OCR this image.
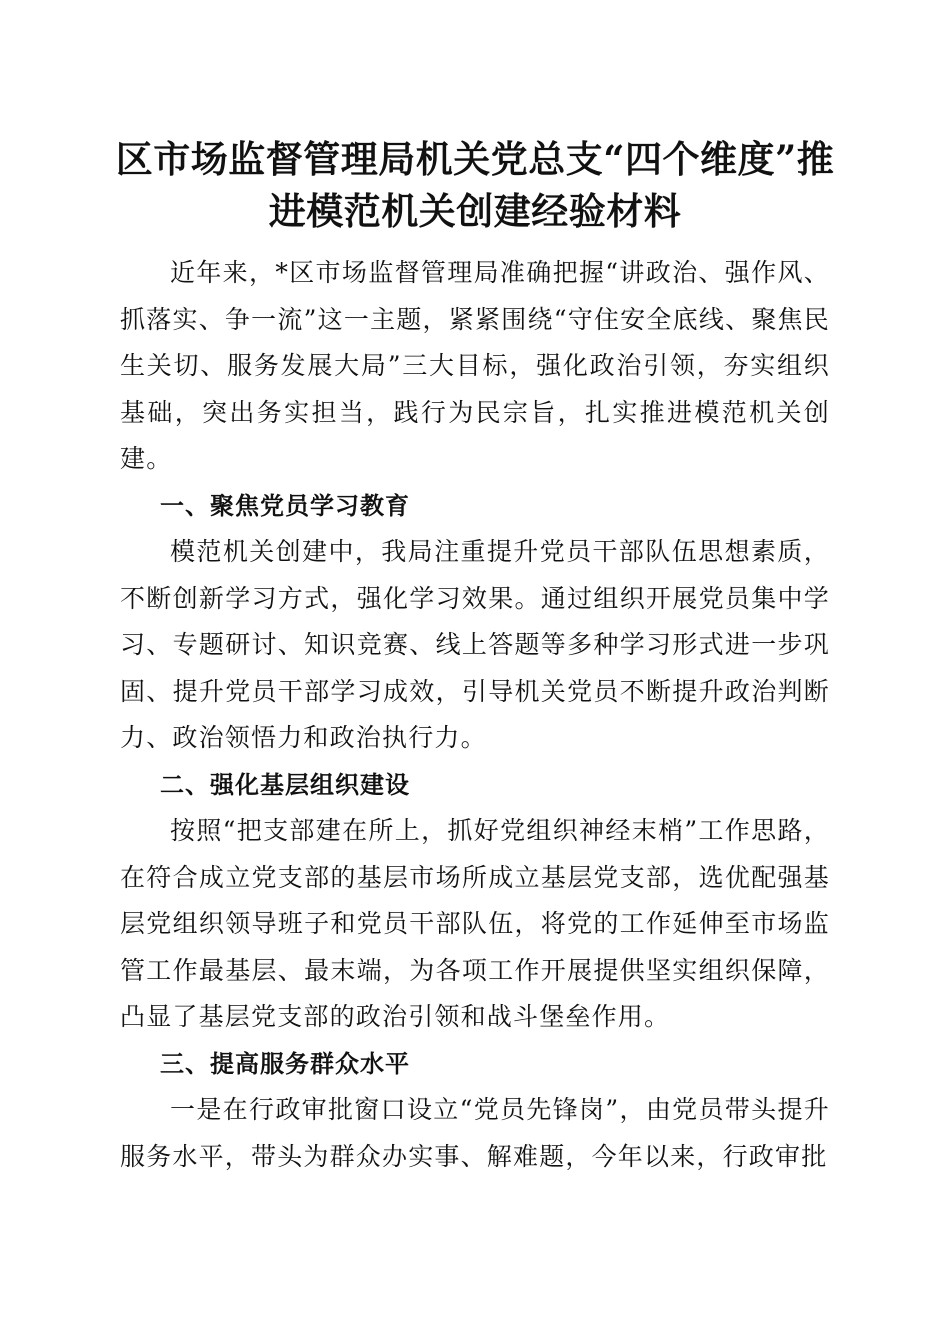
区市场监督管理局机关党总支“四个维度”推
进模范机关创建经验材料

近年来，*区市场监督管理局准确把握“讲政治、强作风、抓落实、争一流”这一主题，紧紧围绕“守住安全底线、聚焦民生关切、服务发展大局”三大目标，强化政治引领，夯实组织基础，突出务实担当，践行为民宗旨，扎实推进模范机关创建。

一、聚焦党员学习教育

模范机关创建中，我局注重提升党员干部队伍思想素质，不断创新学习方式，强化学习效果。通过组织开展党员集中学习、专题研讨、知识竞赛、线上答题等多种学习形式进一步巩固、提升党员干部学习成效，引导机关党员不断提升政治判断力、政治领悟力和政治执行力。

二、强化基层组织建设

按照“把支部建在所上，抓好党组织神经末梢”工作思路，在符合成立党支部的基层市场所成立基层党支部，选优配强基层党组织领导班子和党员干部队伍，将党的工作延伸至市场监管工作最基层、最末端，为各项工作开展提供坚实组织保障，凸显了基层党支部的政治引领和战斗堡垒作用。

三、提高服务群众水平

一是在行政审批窗口设立“党员先锋岗”，由党员带头提升服务水平，带头为群众办实事、解难题，今年以来，行政审批
